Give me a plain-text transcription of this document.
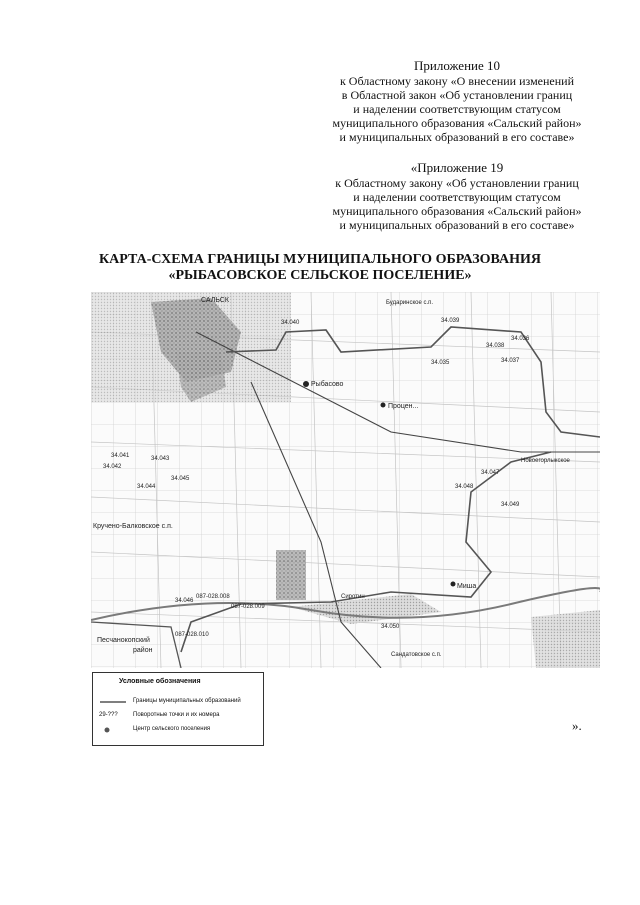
Приложение 10
к Областному закону «О внесении изменений
в Областной закон «Об установлении границ
и наделении соответствующим статусом
муниципального образования «Сальский район»
и муниципальных образований в его составе»
«Приложение 19
к Областному закону «Об установлении границ
и наделении соответствующим статусом
муниципального образования «Сальский район»
и муниципальных образований в его составе»
КАРТА-СХЕМА ГРАНИЦЫ МУНИЦИПАЛЬНОГО ОБРАЗОВАНИЯ
«РЫБАСОВСКОЕ СЕЛЬСКОЕ ПОСЕЛЕНИЕ»
САЛЬСК
Рыбасово
Процен...
Бударинское с.п.
Новоегорлыкское
Крученo-Балковское с.п.
Песчанокопский
район
Миша
Сиротин
Сандатовское с.п.
34.040	34.039
34.038
34.037
34.036
34.035
34.041
34.042
34.043
34.044
34.045
34.046
34.047
34.048
34.049
34.050
087-028.008
087-028.009
087-028.010
Условные обозначения
Границы муниципальных образований
29-???	Поворотные точки и их номера
Центр сельского поселения	».
